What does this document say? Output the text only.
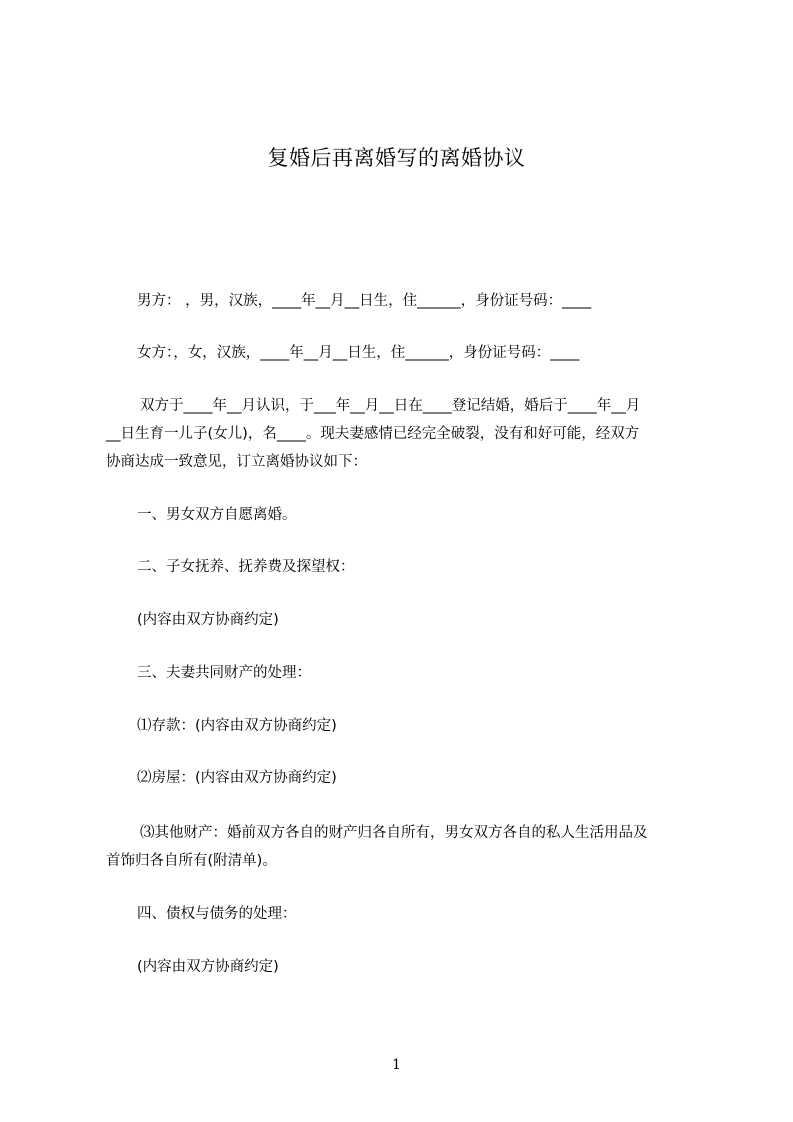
复婚后再离婚写的离婚协议
男方： ，男，汉族，____年__月__日生，住______，身份证号码：____
女方：，女，汉族，____年__月__日生，住______，身份证号码：____
双方于____年__月认识，于___年__月__日在____登记结婚，婚后于____年__月
__日生育一儿子(女儿)，名____。现夫妻感情已经完全破裂，没有和好可能，经双方
协商达成一致意见，订立离婚协议如下：
一、男女双方自愿离婚。
二、子女抚养、抚养费及探望权：
(内容由双方协商约定)
三、夫妻共同财产的处理：
⑴存款：(内容由双方协商约定)
⑵房屋：(内容由双方协商约定)
⑶其他财产：婚前双方各自的财产归各自所有，男女双方各自的私人生活用品及
首饰归各自所有(附清单)。
四、债权与债务的处理：
(内容由双方协商约定)
1
